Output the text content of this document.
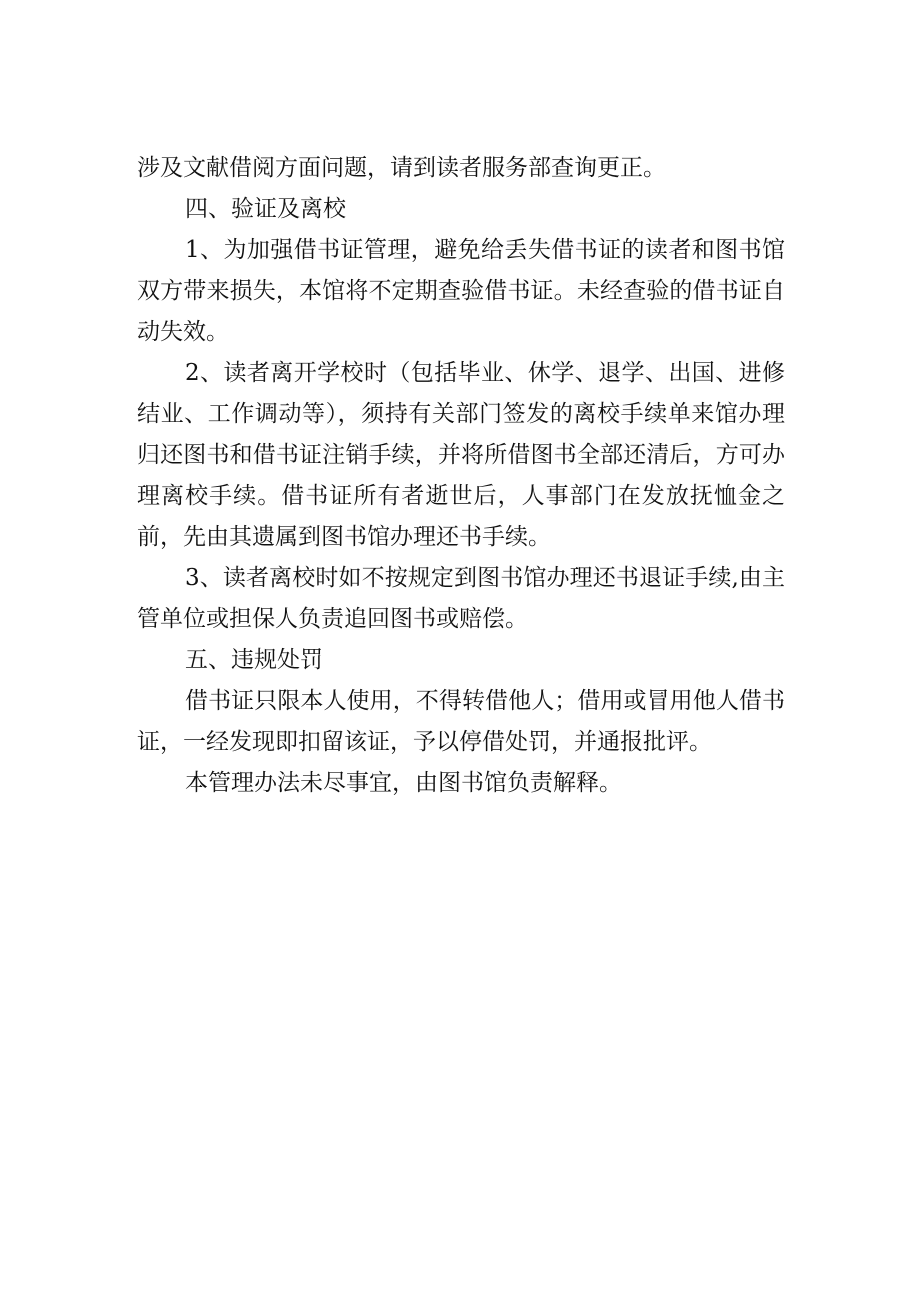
涉及文献借阅方面问题，请到读者服务部查询更正。

四、验证及离校

1、为加强借书证管理，避免给丢失借书证的读者和图书馆双方带来损失，本馆将不定期查验借书证。未经查验的借书证自动失效。

2、读者离开学校时（包括毕业、休学、退学、出国、进修结业、工作调动等），须持有关部门签发的离校手续单来馆办理归还图书和借书证注销手续，并将所借图书全部还清后，方可办理离校手续。借书证所有者逝世后，人事部门在发放抚恤金之前，先由其遗属到图书馆办理还书手续。

3、读者离校时如不按规定到图书馆办理还书退证手续,由主管单位或担保人负责追回图书或赔偿。

五、违规处罚

借书证只限本人使用，不得转借他人；借用或冒用他人借书证，一经发现即扣留该证，予以停借处罚，并通报批评。

本管理办法未尽事宜，由图书馆负责解释。
